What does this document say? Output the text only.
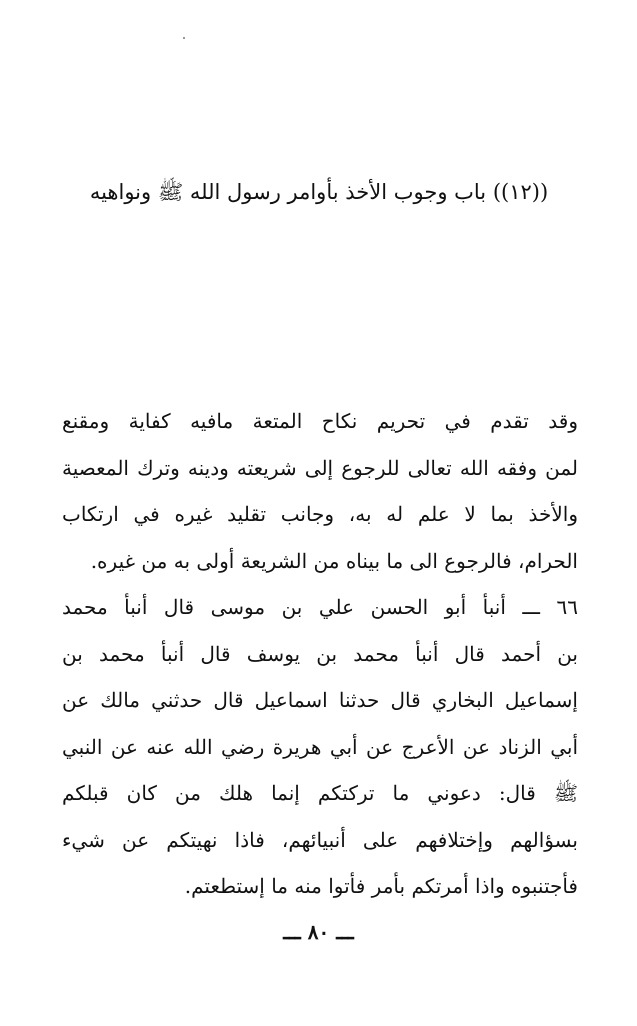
((١٢)) باب وجوب الأخذ بأوامر رسول الله ﷺ ونواهيه
وقد تقدم في تحريم نكاح المتعة مافيه كفاية ومقنع
لمن وفقه الله تعالى للرجوع إلى شريعته ودينه وترك المعصية
والأخذ بما لا علم له به، وجانب تقليد غيره في ارتكاب
الحرام، فالرجوع الى ما بيناه من الشريعة أولى به من غيره.
٦٦ ـــ أنبأ أبو الحسن علي بن موسى قال أنبأ محمد
بن أحمد قال أنبأ محمد بن يوسف قال أنبأ محمد بن
إسماعيل البخاري قال حدثنا اسماعيل قال حدثني مالك عن
أبي الزناد عن الأعرج عن أبي هريرة رضي الله عنه عن النبي
ﷺ قال: دعوني ما تركتكم إنما هلك من كان قبلكم
بسؤالهم وإختلافهم على أنبيائهم، فاذا نهيتكم عن شيء
فأجتنبوه واذا أمرتكم بأمر فأتوا منه ما إستطعتم.
ـــ ٨٠ ـــ
